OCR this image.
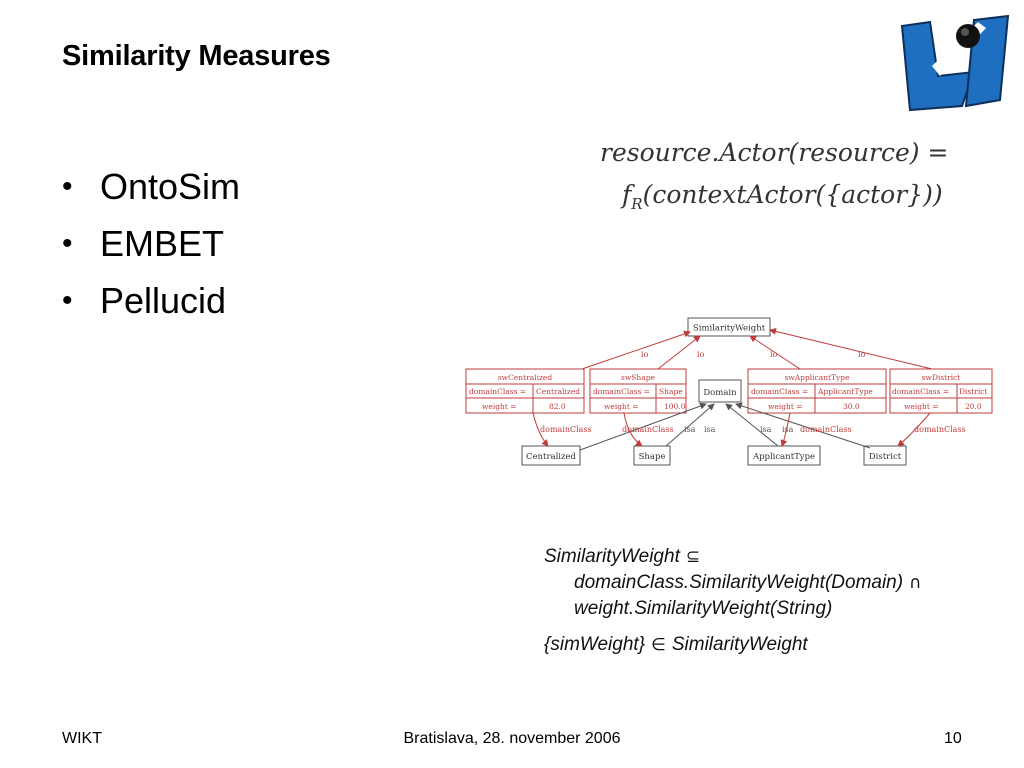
Similarity Measures
• OntoSim
• EMBET
• Pellucid
resource.Actor(resource) =
$f_R(contextActor(\{actor\}))$
SimilarityWeight
io	io	io	io
Domain
swCentralized
domainClass = Centralized
weight =	82.0
swShape
domainClass = Shape
weight =	100.0
swApplicantType
domainClass = ApplicantType
weight =	30.0
swDistrict
domainClass = District
weight =	20.0
Centralized	Shape	ApplicantType	District
isa isa	isa isa
domainClass	domainClass	domainClass	domainClass
SimilarityWeight ⊆
domainClass.SimilarityWeight(Domain) ∩
weight.SimilarityWeight(String)
{simWeight} ∈ SimilarityWeight
WIKT	Bratislava, 28. november 2006	10
